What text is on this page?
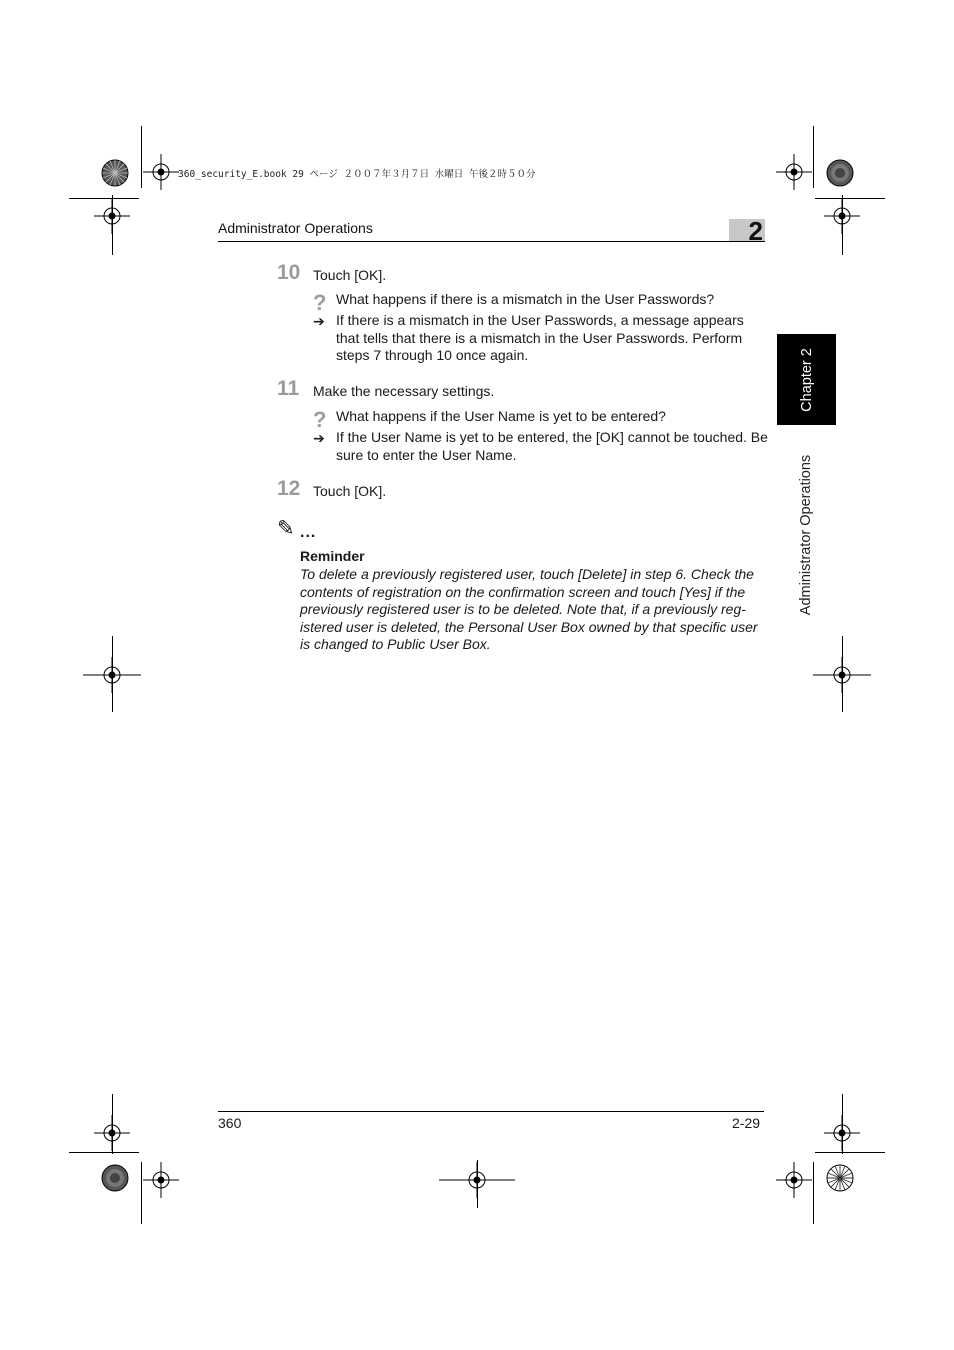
360_security_E.book 29 ページ ２００７年３月７日 水曜日 午後２時５０分
Administrator Operations	2
Chapter 2
Administrator Operations
10 Touch [OK].
? What happens if there is a mismatch in the User Passwords?
➔ If there is a mismatch in the User Passwords, a message appears that tells that there is a mismatch in the User Passwords. Perform steps 7 through 10 once again.
11 Make the necessary settings.
? What happens if the User Name is yet to be entered?
➔ If the User Name is yet to be entered, the [OK] cannot be touched. Be sure to enter the User Name.
12 Touch [OK].
✎ ...
Reminder
To delete a previously registered user, touch [Delete] in step 6. Check the contents of registration on the confirmation screen and touch [Yes] if the previously registered user is to be deleted. Note that, if a previously reg-istered user is deleted, the Personal User Box owned by that specific user is changed to Public User Box.
360	2-29
